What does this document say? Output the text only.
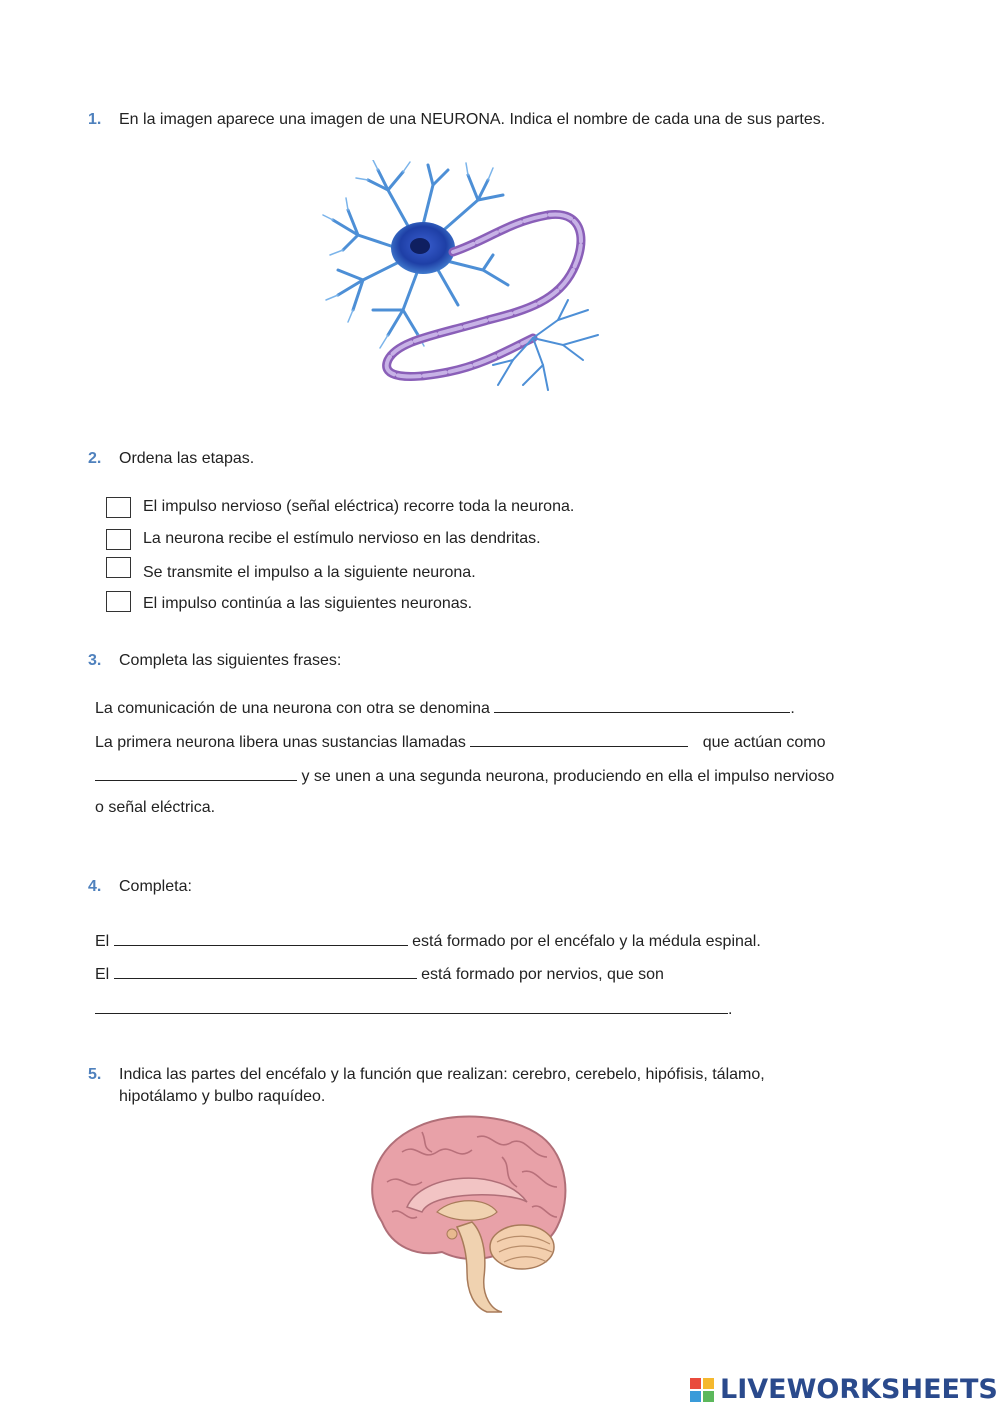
1. En la imagen aparece una imagen de una NEURONA. Indica el nombre de cada una de sus partes.
2. Ordena las etapas.
El impulso nervioso (señal eléctrica) recorre toda la neurona.
La neurona recibe el estímulo nervioso en las dendritas.
Se transmite el impulso a la siguiente neurona.
El impulso continúa a las siguientes neuronas.
3. Completa las siguientes frases:
La comunicación de una neurona con otra se denomina	.
La primera neurona libera unas sustancias llamadas	que actúan como
y se unen a una segunda neurona, produciendo en ella el impulso nervioso
o señal eléctrica.
4. Completa:
El	está formado por el encéfalo y la médula espinal.
El	está formado por nervios, que son
.
5. Indica las partes del encéfalo y la función que realizan: cerebro, cerebelo, hipófisis, tálamo,
hipotálamo y bulbo raquídeo.
LIVEWORKSHEETS
